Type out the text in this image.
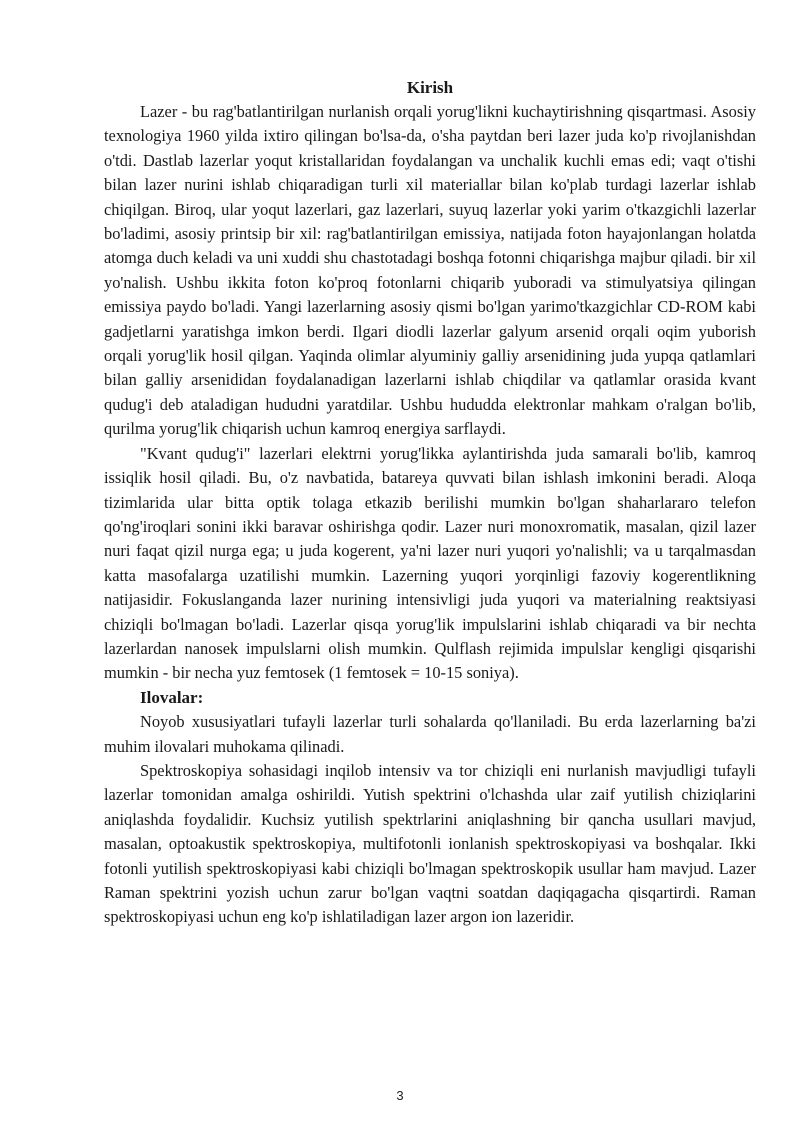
Kirish

Lazer - bu rag'batlantirilgan nurlanish orqali yorug'likni kuchaytirishning qisqartmasi. Asosiy texnologiya 1960 yilda ixtiro qilingan bo'lsa-da, o'sha paytdan beri lazer juda ko'p rivojlanishdan o'tdi. Dastlab lazerlar yoqut kristallaridan foydalangan va unchalik kuchli emas edi; vaqt o'tishi bilan lazer nurini ishlab chiqaradigan turli xil materiallar bilan ko'plab turdagi lazerlar ishlab chiqilgan. Biroq, ular yoqut lazerlari, gaz lazerlari, suyuq lazerlar yoki yarim o'tkazgichli lazerlar bo'ladimi, asosiy printsip bir xil: rag'batlantirilgan emissiya, natijada foton hayajonlangan holatda atomga duch keladi va uni xuddi shu chastotadagi boshqa fotonni chiqarishga majbur qiladi. bir xil yo'nalish. Ushbu ikkita foton ko'proq fotonlarni chiqarib yuboradi va stimulyatsiya qilingan emissiya paydo bo'ladi. Yangi lazerlarning asosiy qismi bo'lgan yarimo'tkazgichlar CD-ROM kabi gadjetlarni yaratishga imkon berdi. Ilgari diodli lazerlar galyum arsenid orqali oqim yuborish orqali yorug'lik hosil qilgan. Yaqinda olimlar alyuminiy galliy arsenidining juda yupqa qatlamlari bilan galliy arsenididan foydalanadigan lazerlarni ishlab chiqdilar va qatlamlar orasida kvant qudug'i deb ataladigan hududni yaratdilar. Ushbu hududda elektronlar mahkam o'ralgan bo'lib, qurilma yorug'lik chiqarish uchun kamroq energiya sarflaydi.

"Kvant qudug'i" lazerlari elektrni yorug'likka aylantirishda juda samarali bo'lib, kamroq issiqlik hosil qiladi. Bu, o'z navbatida, batareya quvvati bilan ishlash imkonini beradi. Aloqa tizimlarida ular bitta optik tolaga etkazib berilishi mumkin bo'lgan shaharlararo telefon qo'ng'iroqlari sonini ikki baravar oshirishga qodir. Lazer nuri monoxromatik, masalan, qizil lazer nuri faqat qizil nurga ega; u juda kogerent, ya'ni lazer nuri yuqori yo'nalishli; va u tarqalmasdan katta masofalarga uzatilishi mumkin. Lazerning yuqori yorqinligi fazoviy kogerentlikning natijasidir. Fokuslanganda lazer nurining intensivligi juda yuqori va materialning reaktsiyasi chiziqli bo'lmagan bo'ladi. Lazerlar qisqa yorug'lik impulslarini ishlab chiqaradi va bir nechta lazerlardan nanosek impulslarni olish mumkin. Qulflash rejimida impulslar kengligi qisqarishi mumkin - bir necha yuz femtosek (1 femtosek = 10-15 soniya).

Ilovalar:

Noyob xususiyatlari tufayli lazerlar turli sohalarda qo'llaniladi. Bu erda lazerlarning ba'zi muhim ilovalari muhokama qilinadi.

Spektroskopiya sohasidagi inqilob intensiv va tor chiziqli eni nurlanish mavjudligi tufayli lazerlar tomonidan amalga oshirildi. Yutish spektrini o'lchashda ular zaif yutilish chiziqlarini aniqlashda foydalidir. Kuchsiz yutilish spektrlarini aniqlashning bir qancha usullari mavjud, masalan, optoakustik spektroskopiya, multifotonli ionlanish spektroskopiyasi va boshqalar. Ikki fotonli yutilish spektroskopiyasi kabi chiziqli bo'lmagan spektroskopik usullar ham mavjud. Lazer Raman spektrini yozish uchun zarur bo'lgan vaqtni soatdan daqiqagacha qisqartirdi. Raman spektroskopiyasi uchun eng ko'p ishlatiladigan lazer argon ion lazeridir.

3
